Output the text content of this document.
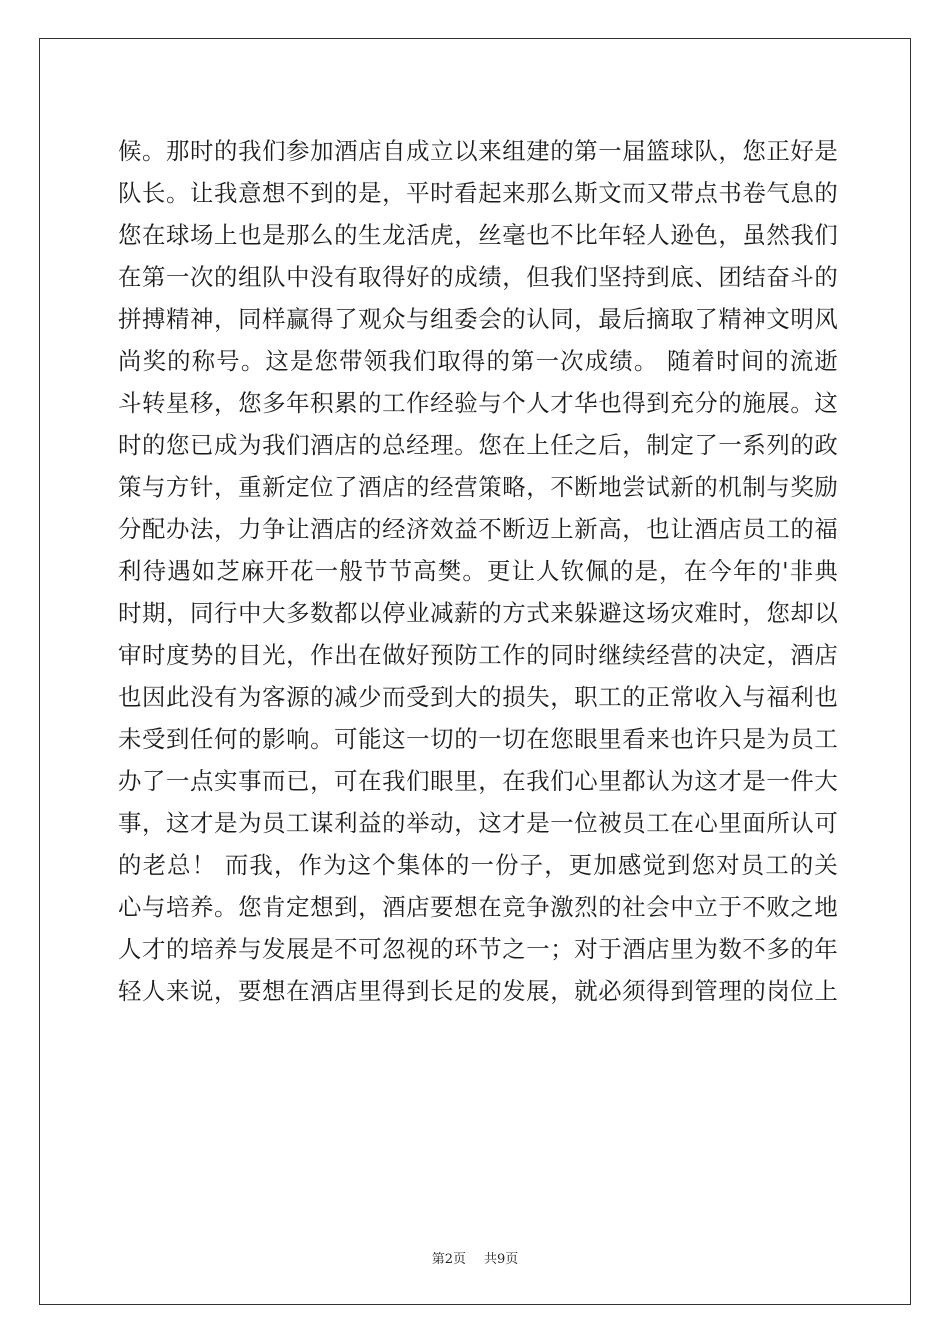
候。那时的我们参加酒店自成立以来组建的第一届篮球队，您正好是
队长。让我意想不到的是，平时看起来那么斯文而又带点书卷气息的
您在球场上也是那么的生龙活虎，丝毫也不比年轻人逊色，虽然我们
在第一次的组队中没有取得好的成绩，但我们坚持到底、团结奋斗的
拼搏精神，同样赢得了观众与组委会的认同，最后摘取了精神文明风
尚奖的称号。这是您带领我们取得的第一次成绩。 随着时间的流逝
斗转星移，您多年积累的工作经验与个人才华也得到充分的施展。这
时的您已成为我们酒店的总经理。您在上任之后，制定了一系列的政
策与方针，重新定位了酒店的经营策略，不断地尝试新的机制与奖励
分配办法，力争让酒店的经济效益不断迈上新高，也让酒店员工的福
利待遇如芝麻开花一般节节高樊。更让人钦佩的是，在今年的'非典
时期，同行中大多数都以停业减薪的方式来躲避这场灾难时，您却以
审时度势的目光，作出在做好预防工作的同时继续经营的决定，酒店
也因此没有为客源的减少而受到大的损失，职工的正常收入与福利也
未受到任何的影响。可能这一切的一切在您眼里看来也许只是为员工
办了一点实事而已，可在我们眼里，在我们心里都认为这才是一件大
事，这才是为员工谋利益的举动，这才是一位被员工在心里面所认可
的老总！ 而我，作为这个集体的一份子，更加感觉到您对员工的关
心与培养。您肯定想到，酒店要想在竞争激烈的社会中立于不败之地
人才的培养与发展是不可忽视的环节之一；对于酒店里为数不多的年
轻人来说，要想在酒店里得到长足的发展，就必须得到管理的岗位上
第2页 共9页
